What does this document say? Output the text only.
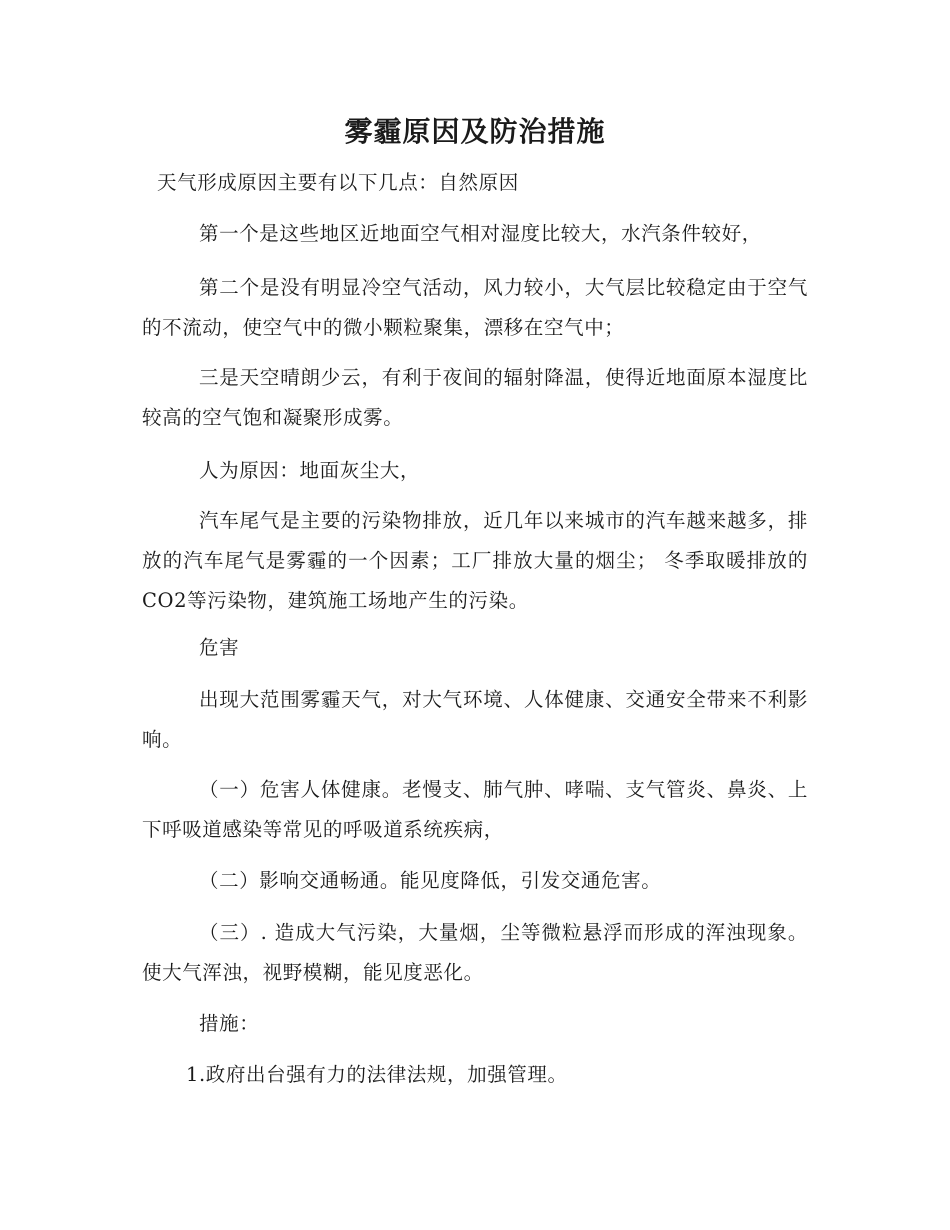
雾霾原因及防治措施

天气形成原因主要有以下几点：自然原因

第一个是这些地区近地面空气相对湿度比较大，水汽条件较好，

第二个是没有明显冷空气活动，风力较小，大气层比较稳定由于空气的不流动，使空气中的微小颗粒聚集，漂移在空气中；

三是天空晴朗少云，有利于夜间的辐射降温，使得近地面原本湿度比较高的空气饱和凝聚形成雾。

人为原因：地面灰尘大，

汽车尾气是主要的污染物排放，近几年以来城市的汽车越来越多，排放的汽车尾气是雾霾的一个因素；工厂排放大量的烟尘； 冬季取暖排放的CO2等污染物，建筑施工场地产生的污染。

危害

出现大范围雾霾天气，对大气环境、人体健康、交通安全带来不利影响。

（一）危害人体健康。老慢支、肺气肿、哮喘、支气管炎、鼻炎、上下呼吸道感染等常见的呼吸道系统疾病，

（二）影响交通畅通。能见度降低，引发交通危害。

（三）. 造成大气污染，大量烟，尘等微粒悬浮而形成的浑浊现象。使大气浑浊，视野模糊，能见度恶化。

措施：

1.政府出台强有力的法律法规，加强管理。
